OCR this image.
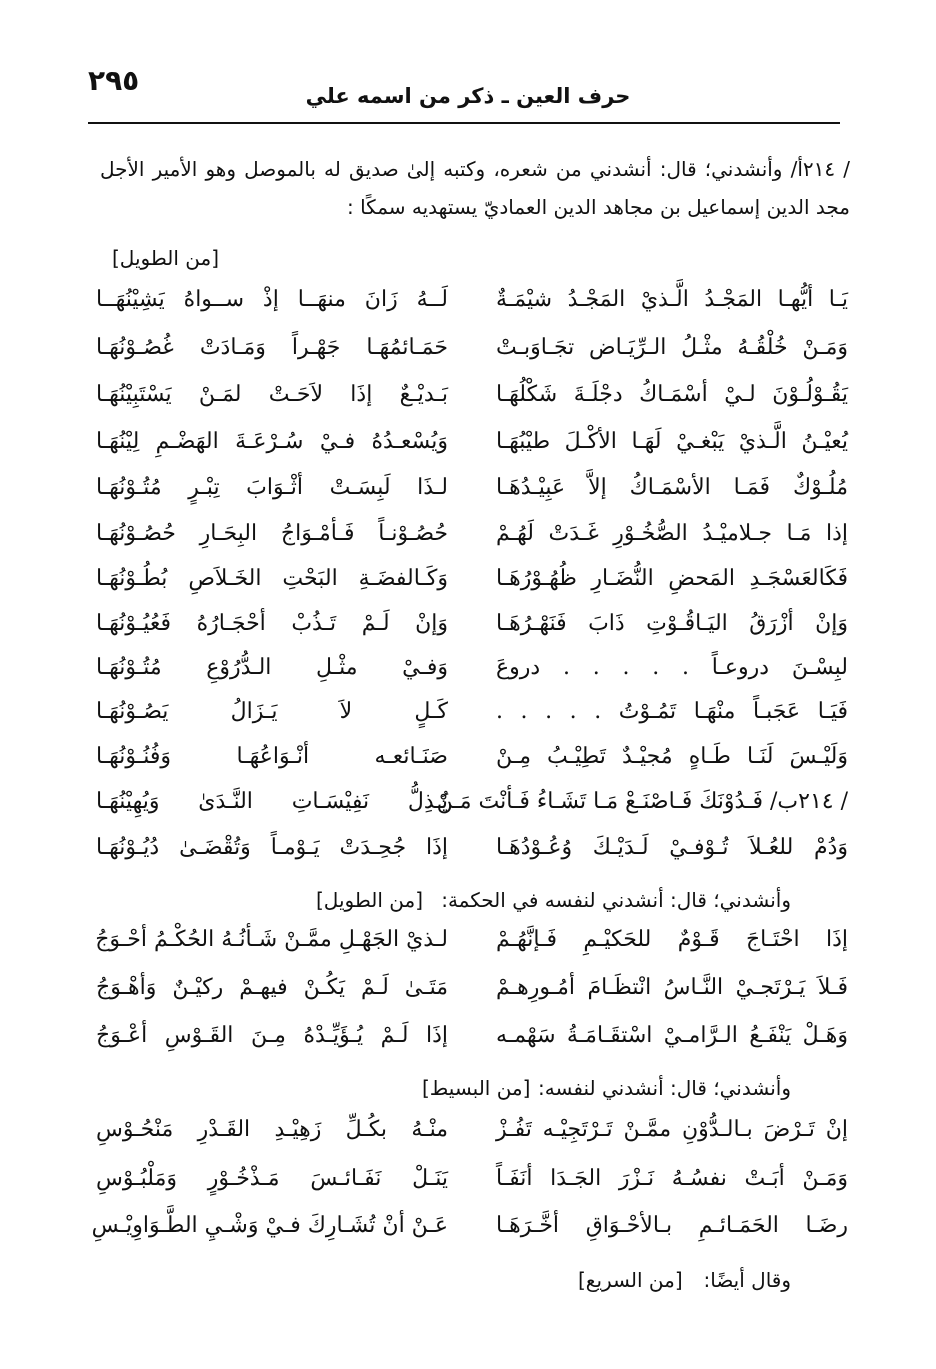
٢٩٥	حرف العين ـ ذكر من اسمه علي
/ ٢١٤أ/ وأنشدني؛ قال: أنشدني من شعره، وكتبه إلىٰ صديق له بالموصل وهو الأمير الأجل مجد الدين إسماعيل بن مجاهد الدين العماديّ يستهديه سمكًا :
[من الطويل]
يَـا أيُّهـا المَجْـدُ الَّـذيْ المَجْـدُ شيْمَـةٌ
لَــهُ زَانَ منهَــا إذْ ســواهُ يَشِيْنُهَــا
وَمَـنْ خُلْقُـهُ مثْـلُ الـرِّيَـاض تجَـاوَبـتْ
حَمَـائمُهَـا جَهْـراً وَمَـادَتْ غُصُـوْنُهَـا
يَقُـوْلُـوْنَ لـيْ أسْمَـاكُ دجْلَـةَ شَكْلُهَـا
بَـديْـعٌ إذَا لاَحَـتْ لمَـنْ يَسْتَبِيْنُهَـا
يُعيْـنُ الَّـذيْ يَبْغـيْ لَهَـا الأكْـلَ طيْبُهَـا
وَيُسْعـدُهُ فـيْ سُـرْعَـةَ الهَضْـمِ لِيْنُهَـا
مُلُـوْكٌ فَمَـا الأسْمَـاكُ إلاَّ عَبِيْـدُهَـا
لـذَا لَبِسَـتْ أثْـوَابَ تِبْـرٍ مُتُـوْنُهَـا
إذا مَـا جـلاميْـدُ الصُّخُـوْرِ غَـدَتْ لَهُـمْ
حُصُـوْنـاً فَـأمْـوَاجُ البِحَـارِ حُصُـوْنُهَـا
فَكَالعَسْجَـدِ المَحضِ النُّضَـارِ ظُهُـوْرُهَـا
وَكَـالفضَـةِ البَحْتِ الخَـلاَصِ بُطُـوْنُهَـا
وَإنْ أزْرَقُ اليَـاقُـوْتِ ذَابَ فَنَهْـرُهَـا
وَإنْ لَـمْ تَـذُبْ أحْجَـارُهُ فَعُيُـوْنُهَـا
لبِسْـنَ دروعـاً . . . . . دروعَ
وَفـيْ مثْـلِ الـدُّرُوْعِ مُتُـوْنُهَـا
فَيَـا عَجَبـاً منْهَـا تَمُـوْتُ . . . . .
كَـلٍ لاَ يَـزَالُ يَصُـوْنُهَـا
وَلَيْـسَ لَنَـا طَـاهٍ مُجيْـدٌ تَطِيْـبُ مِـنْ
صَنَـائعـه أنْـوَاعُهَـا وَفُنُـوْنُهَـا
/ ٢١٤ب/ فَـدُوْنَكَ فَـاصْنَـعْ مَـا تَشَـاءُ فَـأنْتَ مَـنْ
يُـذِلُّ نَفِيْسَـاتِ النَّـدَىٰ وَيُهِيْنُهَـا
وَدُمْ للعُـلاَ تُـوْفـيْ لَـدَيْـكَ وُعُـوْدُهَـا
إذَا جُحِـدَتْ يَـوْمـاً وَتُقْضَـىٰ دُيُـوْنُهَـا
وأنشدني؛ قال: أنشدني لنفسه في الحكمة:
[من الطويل]
إذَا احْتَـاجَ قَـوْمٌ للحَكيْـمِ فَـإنَّهُـمْ
لـذيْ الجَهْـلِ ممَّـنْ شَـأنُـهُ الحُكْـمُ أحْـوَجُ
فَـلاَ يَـرْتَجـيْ النَّـاسُ انْتظَـامَ أمُـورِهـمْ
مَتَـىٰ لَـمْ يَكُـنْ فيهـمْ ركيْـنٌ وَأهْـوَجُ
وَهَـلْ يَنْفَـعُ الـرَّامـيْ اسْتقَـامَـةُ سَهْمـه
إذَا لَـمْ يُـؤَيِّـدْهُ مِـنَ القَـوْسِ أعْـوَجُ
وأنشدني؛ قال: أنشدني لنفسه:
[من البسيط]
إنْ تَـرْضَ بـالـدُّوْنِ ممَّـنْ تَـرْتَجِيْـه تَفُـزْ
منْـهُ بكُـلِّ زَهِيْـدِ القَـدْرِ مَنْحُـوْسِ
وَمَـنْ أبَـتْ نفسُـهُ نَـزْرَ الجَـدَا أنَفَـاً
يَنَـلْ نَفَـائـسَ مَـذْخُـوْرٍ وَمَلْبُـوْسِ
رضَـا الحَمَـائـمِ بـالأحْـوَاقِ أخَّـرَهَـا
عَـنْ أنْ تُشَـارِكَ فـيْ وَشْـيِ الطَّـوَاوِيْـسِ
وقال أيضًا:
[من السريع]
